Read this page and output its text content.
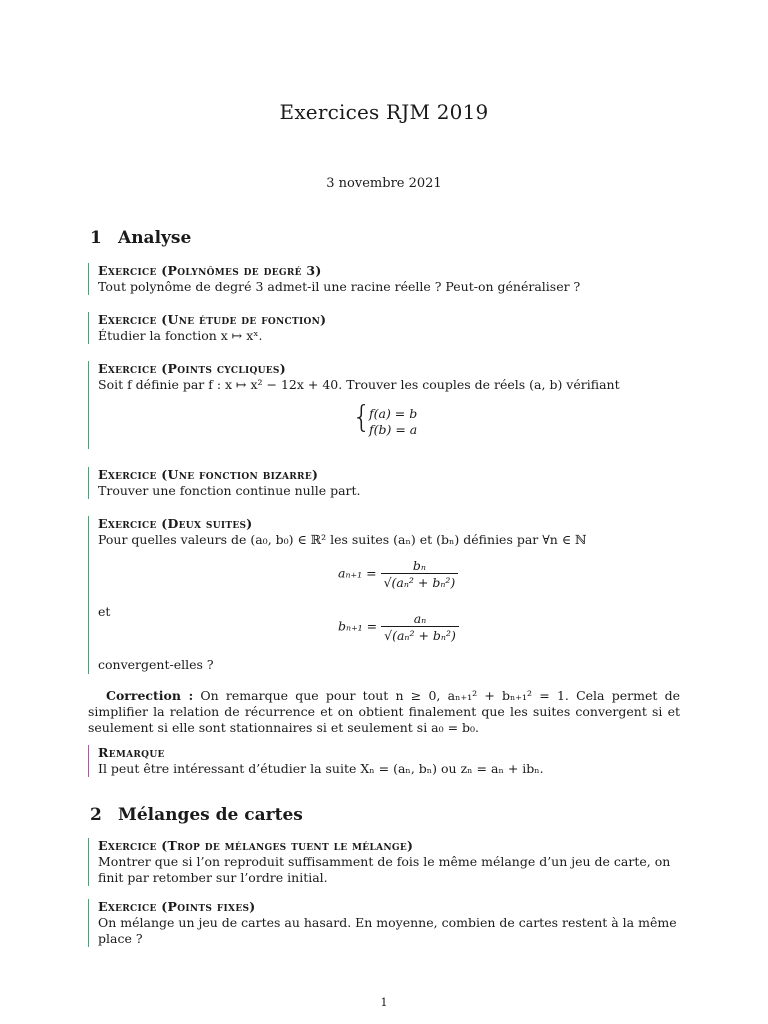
Exercices RJM 2019
3 novembre 2021
1 Analyse
Exercice (Polynômes de degré 3)
Tout polynôme de degré 3 admet-il une racine réelle ? Peut-on généraliser ?
Exercice (Une étude de fonction)
Étudier la fonction x ↦ xˣ.
Exercice (Points cycliques)
Soit f définie par f : x ↦ x² − 12x + 40. Trouver les couples de réels (a, b) vérifiant
{
f(a) = b
f(b) = a
Exercice (Une fonction bizarre)
Trouver une fonction continue nulle part.
Exercice (Deux suites)
Pour quelles valeurs de (a₀, b₀) ∈ ℝ² les suites (aₙ) et (bₙ) définies par ∀n ∈ ℕ
$a_{n+1} = \frac{\text{bₙ}}{\text{√(aₙ² + bₙ²)}}$
et
$b_{n+1} = \frac{\text{aₙ}}{\text{√(aₙ² + bₙ²)}}$
convergent-elles ?
Correction : On remarque que pour tout n ≥ 0, aₙ₊₁² + bₙ₊₁² = 1. Cela permet de simplifier la relation de récurrence et on obtient finalement que les suites convergent si et seulement si elle sont stationnaires si et seulement si a₀ = b₀.
Remarque
Il peut être intéressant d’étudier la suite Xₙ = (aₙ, bₙ) ou zₙ = aₙ + ibₙ.
2 Mélanges de cartes
Exercice (Trop de mélanges tuent le mélange)
Montrer que si l’on reproduit suffisamment de fois le même mélange d’un jeu de carte, on finit par retomber sur l’ordre initial.
Exercice (Points fixes)
On mélange un jeu de cartes au hasard. En moyenne, combien de cartes restent à la même place ?
1
